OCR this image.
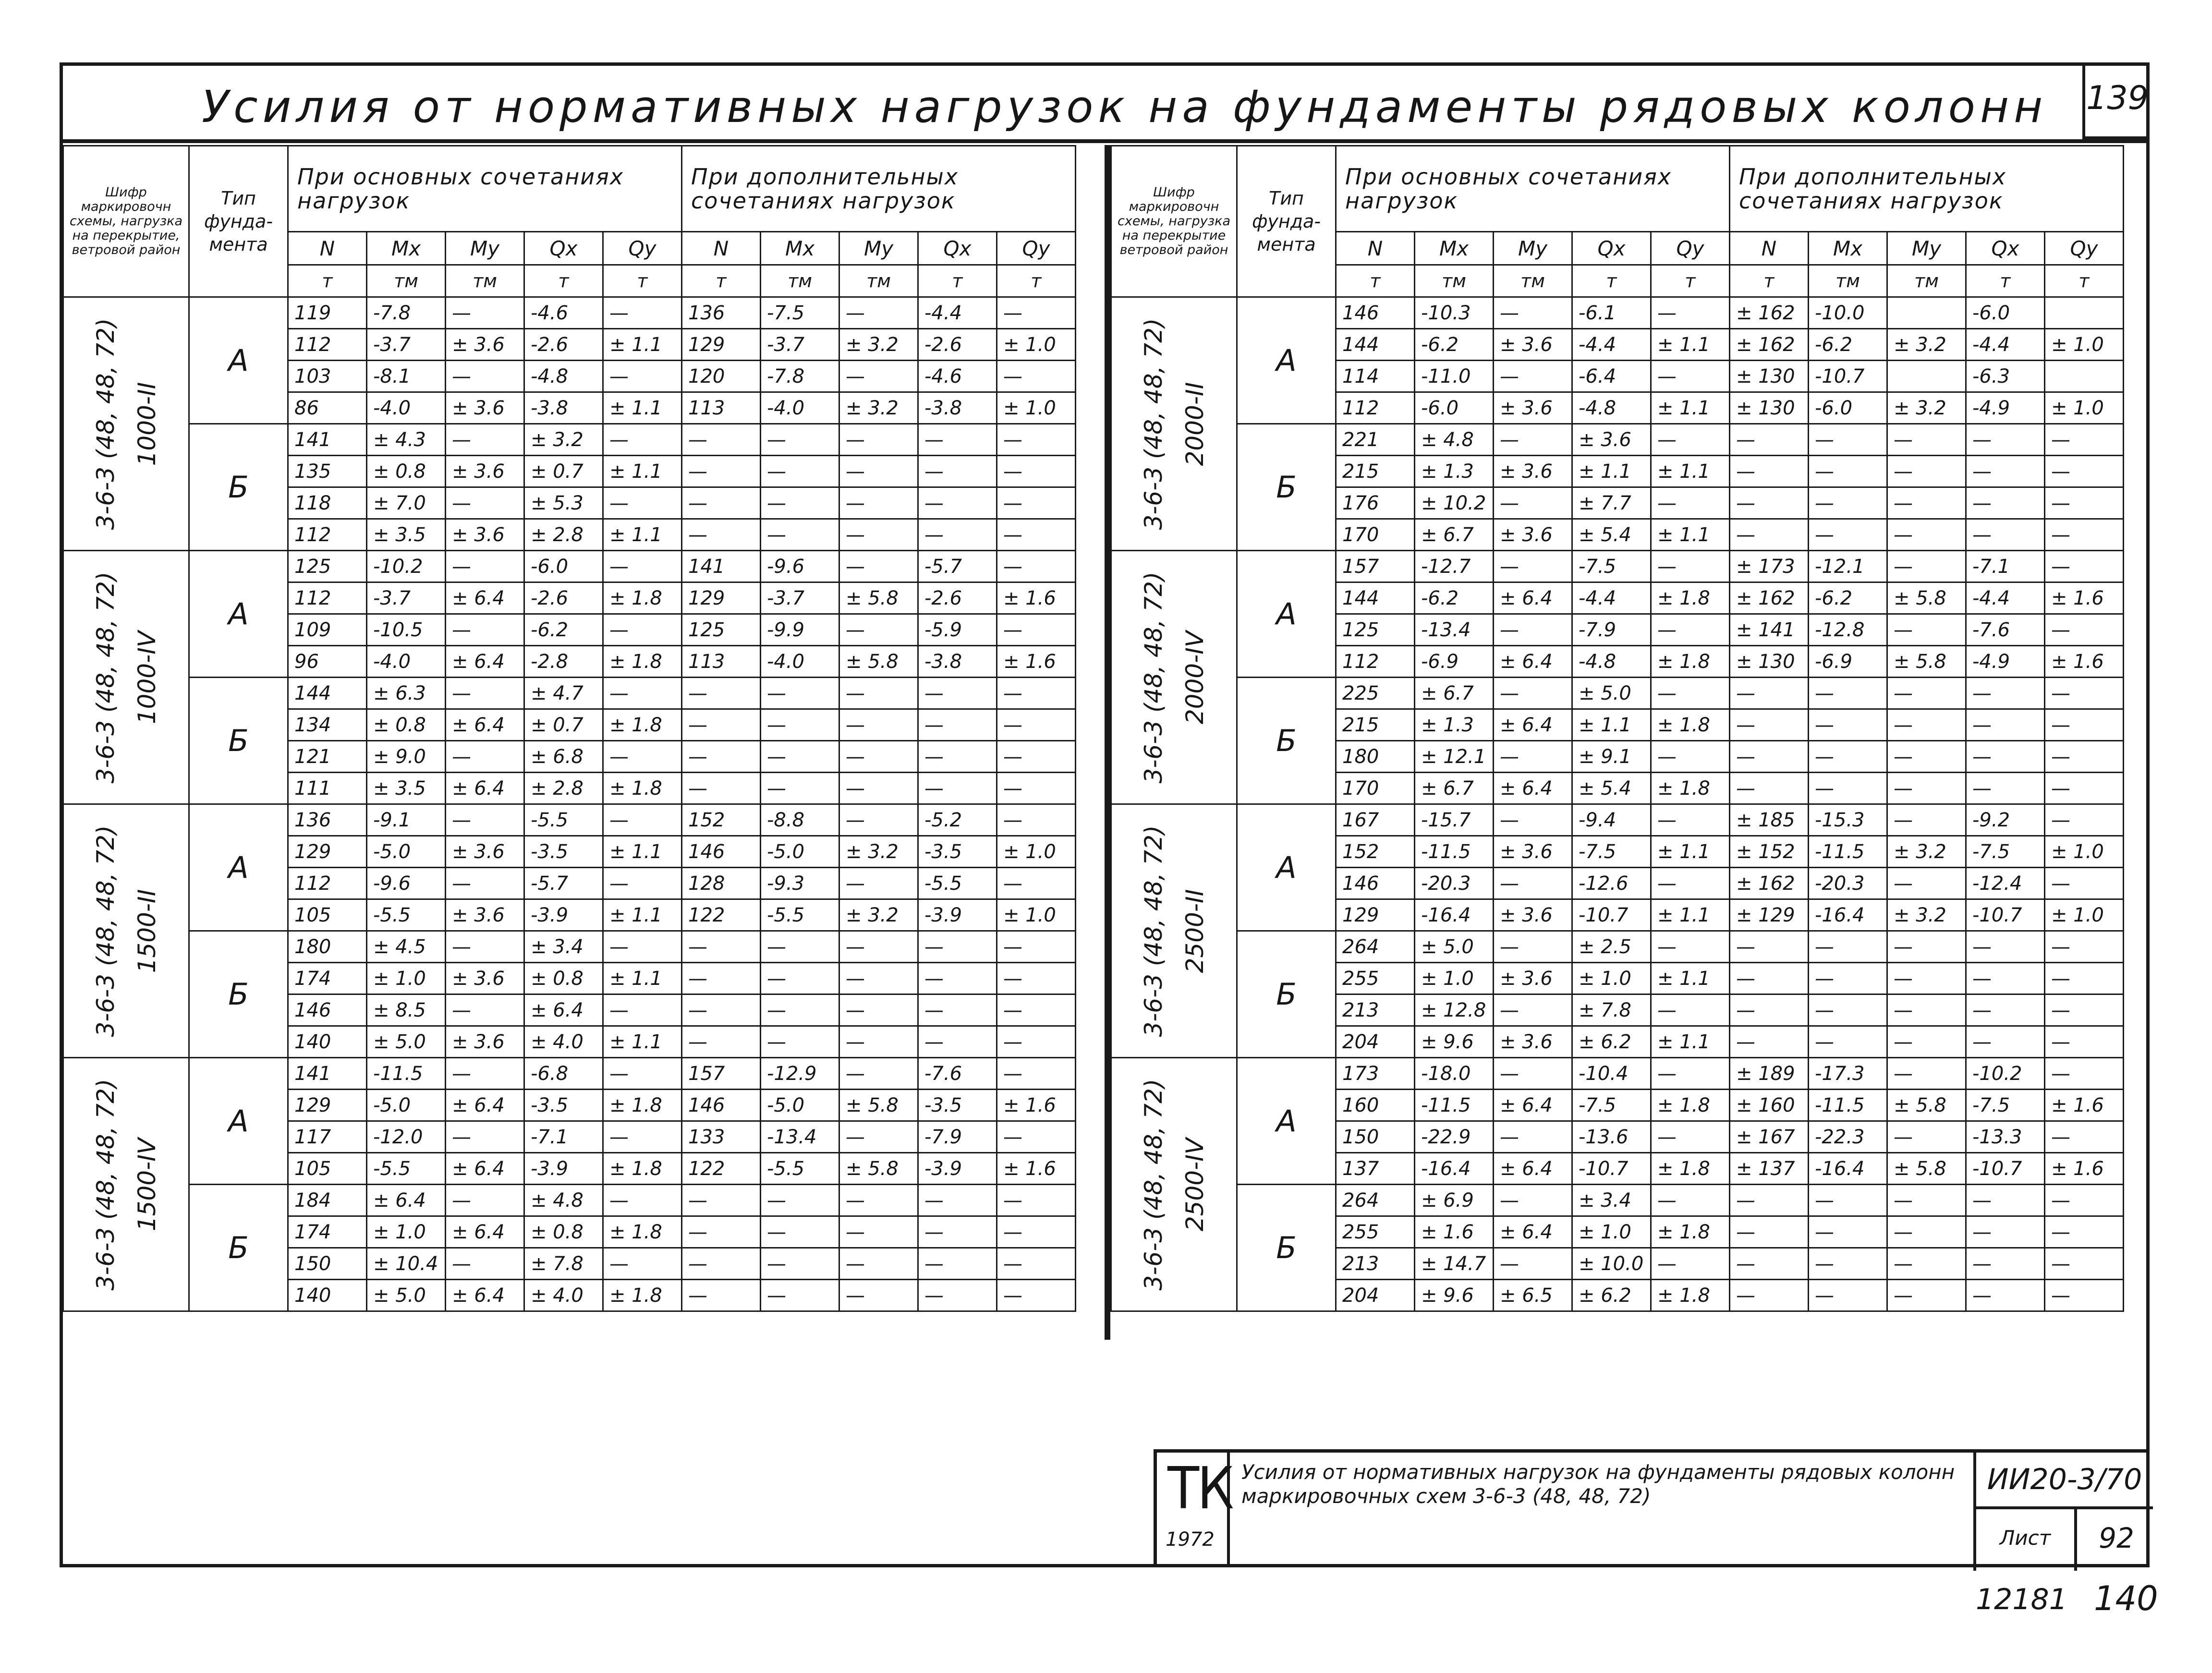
Усилия от нормативных нагрузок на фундаменты рядовых колонн 139
Шифр маркировочн схемы, нагрузка на перекрытие, ветровой район	Тип фунда- мента	При основных сочетаниях нагрузок					При дополнительных сочетаниях нагрузок				
		N	Mx	My	Qx	Qy	N	Mx	My	Qx	Qy
		т	тм	тм	т	т	т	тм	тм	т	т

3-6-3 (48, 48, 72) 1000-II	А	119	-7.8	—	-4.6	—	136	-7.5	—	-4.4	—
		112	-3.7	± 3.6	-2.6	± 1.1	129	-3.7	± 3.2	-2.6	± 1.0
		103	-8.1	—	-4.8	—	120	-7.8	—	-4.6	—
		86	-4.0	± 3.6	-3.8	± 1.1	113	-4.0	± 3.2	-3.8	± 1.0
	Б	141	± 4.3	—	± 3.2	—	—	—	—	—	—
		135	± 0.8	± 3.6	± 0.7	± 1.1	—	—	—	—	—
		118	± 7.0	—	± 5.3	—	—	—	—	—	—
		112	± 3.5	± 3.6	± 2.8	± 1.1	—	—	—	—	—

3-6-3 (48, 48, 72) 1000-IV	А	125	-10.2	—	-6.0	—	141	-9.6	—	-5.7	—
		112	-3.7	± 6.4	-2.6	± 1.8	129	-3.7	± 5.8	-2.6	± 1.6
		109	-10.5	—	-6.2	—	125	-9.9	—	-5.9	—
		96	-4.0	± 6.4	-2.8	± 1.8	113	-4.0	± 5.8	-3.8	± 1.6
	Б	144	± 6.3	—	± 4.7	—	—	—	—	—	—
		134	± 0.8	± 6.4	± 0.7	± 1.8	—	—	—	—	—
		121	± 9.0	—	± 6.8	—	—	—	—	—	—
		111	± 3.5	± 6.4	± 2.8	± 1.8	—	—	—	—	—

3-6-3 (48, 48, 72) 1500-II	А	136	-9.1	—	-5.5	—	152	-8.8	—	-5.2	—
		129	-5.0	± 3.6	-3.5	± 1.1	146	-5.0	± 3.2	-3.5	± 1.0
		112	-9.6	—	-5.7	—	128	-9.3	—	-5.5	—
		105	-5.5	± 3.6	-3.9	± 1.1	122	-5.5	± 3.2	-3.9	± 1.0
	Б	180	± 4.5	—	± 3.4	—	—	—	—	—	—
		174	± 1.0	± 3.6	± 0.8	± 1.1	—	—	—	—	—
		146	± 8.5	—	± 6.4	—	—	—	—	—	—
		140	± 5.0	± 3.6	± 4.0	± 1.1	—	—	—	—	—

3-6-3 (48, 48, 72) 1500-IV	А	141	-11.5	—	-6.8	—	157	-12.9	—	-7.6	—
		129	-5.0	± 6.4	-3.5	± 1.8	146	-5.0	± 5.8	-3.5	± 1.6
		117	-12.0	—	-7.1	—	133	-13.4	—	-7.9	—
		105	-5.5	± 6.4	-3.9	± 1.8	122	-5.5	± 5.8	-3.9	± 1.6
	Б	184	± 6.4	—	± 4.8	—	—	—	—	—	—
		174	± 1.0	± 6.4	± 0.8	± 1.8	—	—	—	—	—
		150	± 10.4	—	± 7.8	—	—	—	—	—	—
		140	± 5.0	± 6.4	± 4.0	± 1.8	—	—	—	—	—
Шифр маркировочн схемы, нагрузка на перекрытие ветровой район	Тип фунда- мента	При основных сочетаниях нагрузок					При дополнительных сочетаниях нагрузок				
		N	Mx	My	Qx	Qy	N	Mx	My	Qx	Qy
		т	тм	тм	т	т	т	тм	тм	т	т

3-6-3 (48, 48, 72) 2000-II	А	146	-10.3	—	-6.1	—	± 162	-10.0		-6.0	
		144	-6.2	± 3.6	-4.4	± 1.1	± 162	-6.2	± 3.2	-4.4	± 1.0
		114	-11.0	—	-6.4	—	± 130	-10.7		-6.3	
		112	-6.0	± 3.6	-4.8	± 1.1	± 130	-6.0	± 3.2	-4.9	± 1.0
	Б	221	± 4.8	—	± 3.6	—	—	—	—	—	—
		215	± 1.3	± 3.6	± 1.1	± 1.1	—	—	—	—	—
		176	± 10.2	—	± 7.7	—	—	—	—	—	—
		170	± 6.7	± 3.6	± 5.4	± 1.1	—	—	—	—	—

3-6-3 (48, 48, 72) 2000-IV	А	157	-12.7	—	-7.5	—	± 173	-12.1	—	-7.1	—
		144	-6.2	± 6.4	-4.4	± 1.8	± 162	-6.2	± 5.8	-4.4	± 1.6
		125	-13.4	—	-7.9	—	± 141	-12.8	—	-7.6	—
		112	-6.9	± 6.4	-4.8	± 1.8	± 130	-6.9	± 5.8	-4.9	± 1.6
	Б	225	± 6.7	—	± 5.0	—	—	—	—	—	—
		215	± 1.3	± 6.4	± 1.1	± 1.8	—	—	—	—	—
		180	± 12.1	—	± 9.1	—	—	—	—	—	—
		170	± 6.7	± 6.4	± 5.4	± 1.8	—	—	—	—	—

3-6-3 (48, 48, 72) 2500-II	А	167	-15.7	—	-9.4	—	± 185	-15.3	—	-9.2	—
		152	-11.5	± 3.6	-7.5	± 1.1	± 152	-11.5	± 3.2	-7.5	± 1.0
		146	-20.3	—	-12.6	—	± 162	-20.3	—	-12.4	—
		129	-16.4	± 3.6	-10.7	± 1.1	± 129	-16.4	± 3.2	-10.7	± 1.0
	Б	264	± 5.0	—	± 2.5	—	—	—	—	—	—
		255	± 1.0	± 3.6	± 1.0	± 1.1	—	—	—	—	—
		213	± 12.8	—	± 7.8	—	—	—	—	—	—
		204	± 9.6	± 3.6	± 6.2	± 1.1	—	—	—	—	—

3-6-3 (48, 48, 72) 2500-IV	А	173	-18.0	—	-10.4	—	± 189	-17.3	—	-10.2	—
		160	-11.5	± 6.4	-7.5	± 1.8	± 160	-11.5	± 5.8	-7.5	± 1.6
		150	-22.9	—	-13.6	—	± 167	-22.3	—	-13.3	—
		137	-16.4	± 6.4	-10.7	± 1.8	± 137	-16.4	± 5.8	-10.7	± 1.6
	Б	264	± 6.9	—	± 3.4	—	—	—	—	—	—
		255	± 1.6	± 6.4	± 1.0	± 1.8	—	—	—	—	—
		213	± 14.7	—	± 10.0	—	—	—	—	—	—
		204	± 9.6	± 6.5	± 6.2	± 1.8	—	—	—	—	—
ТК
1972
Усилия от нормативных нагрузок на фундаменты рядовых колонн маркировочных схем 3-6-3 (48, 48, 72)	ИИ20-3/70
Лист	92
12181 140
